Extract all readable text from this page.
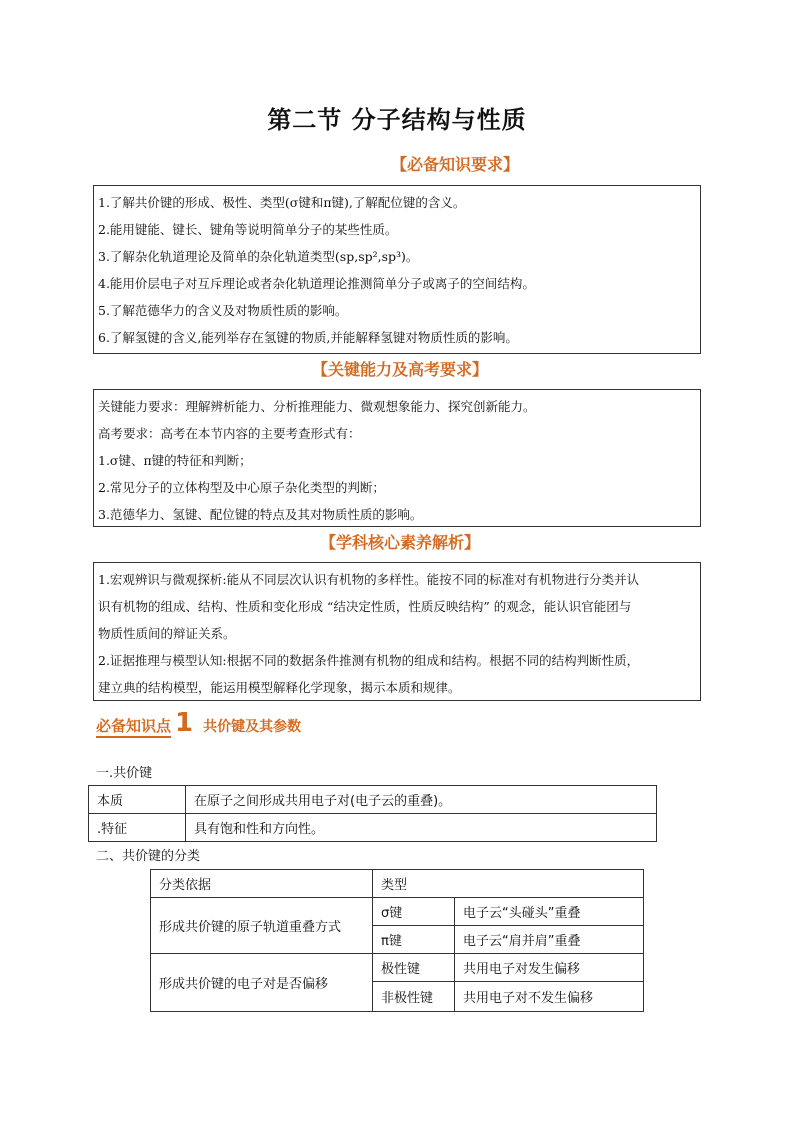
第二节 分子结构与性质
【必备知识要求】

1.了解共价键的形成、极性、类型(σ键和π键),了解配位键的含义。

2.能用键能、键长、键角等说明简单分子的某些性质。

3.了解杂化轨道理论及简单的杂化轨道类型(sp,sp²,sp³)。

4.能用价层电子对互斥理论或者杂化轨道理论推测简单分子或离子的空间结构。

5.了解范德华力的含义及对物质性质的影响。

6.了解氢键的含义,能列举存在氢键的物质,并能解释氢键对物质性质的影响。

【关键能力及高考要求】

关键能力要求：理解辨析能力、分析推理能力、微观想象能力、探究创新能力。

高考要求：高考在本节内容的主要考查形式有：

1.σ键、π键的特征和判断；

2.常见分子的立体构型及中心原子杂化类型的判断；

3.范德华力、氢键、配位键的特点及其对物质性质的影响。

【学科核心素养解析】

1.宏观辨识与微观探析:能从不同层次认识有机物的多样性。能按不同的标准对有机物进行分类并认

识有机物的组成、结构、性质和变化形成 “结决定性质，性质反映结构” 的观念，能认识官能团与

物质性质间的辩证关系。

2.证据推理与模型认知:根据不同的数据条件推测有机物的组成和结构。根据不同的结构判断性质，

建立典的结构模型，能运用模型解释化学现象，揭示本质和规律。

必备知识点 1 共价键及其参数
一.共价键
本质	在原子之间形成共用电子对(电子云的重叠)。
.特征	具有饱和性和方向性。
二、共价键的分类
分类依据	类型	
形成共价键的原子轨道重叠方式	σ键	电子云“头碰头”重叠
	π键	电子云“肩并肩”重叠
形成共价键的电子对是否偏移	极性键	共用电子对发生偏移
	非极性键	共用电子对不发生偏移
